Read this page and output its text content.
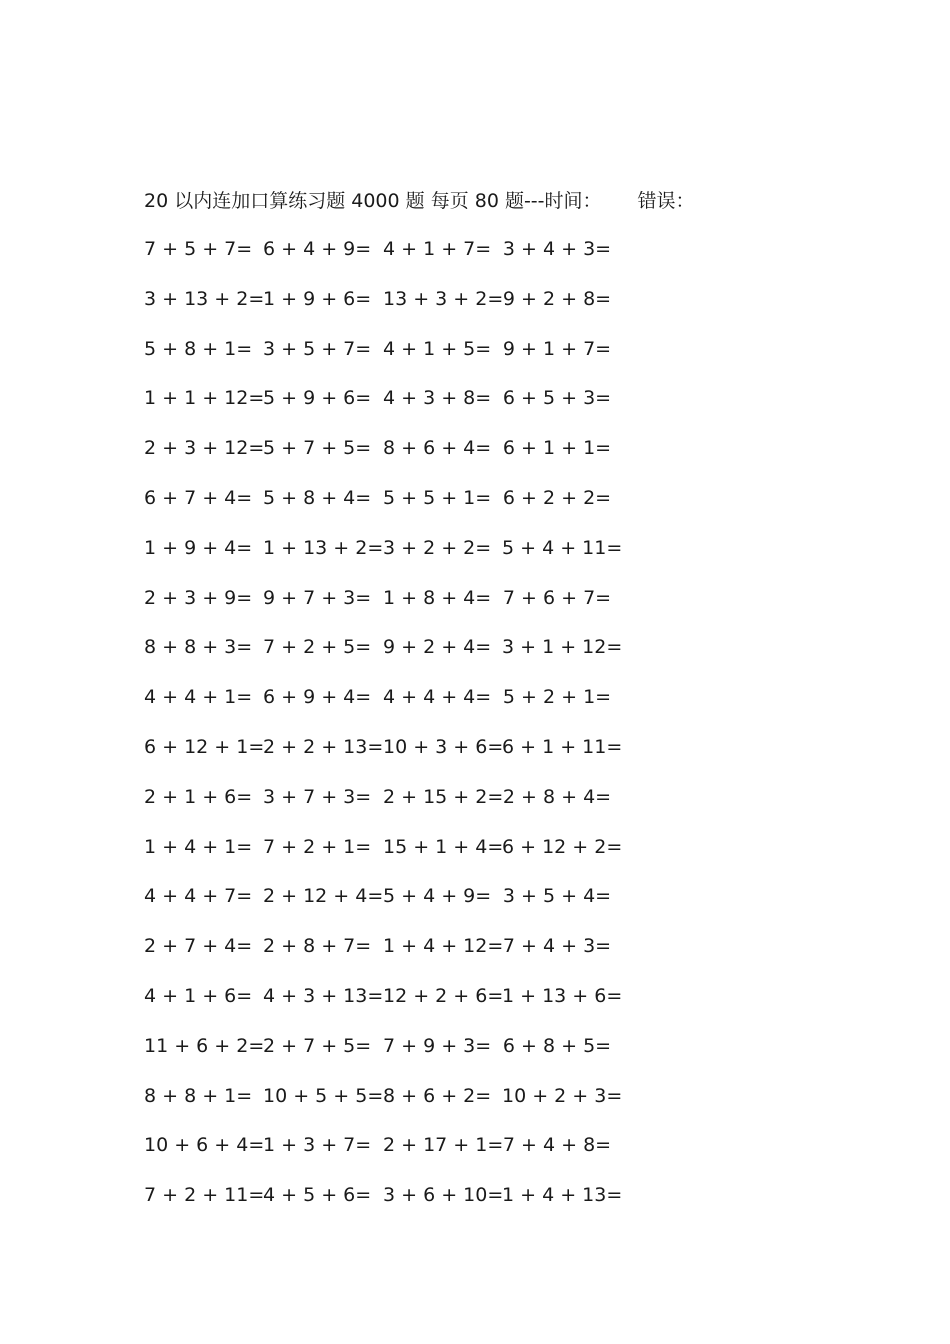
20 以内连加口算练习题 4000 题 每页 80 题---时间： 错误：
7 + 5 + 7= 6 + 4 + 9= 4 + 1 + 7= 3 + 4 + 3=
3 + 13 + 2=
1 + 9 + 6= 13 + 3 + 2= 9 + 2 + 8=
5 + 8 + 1= 3 + 5 + 7= 4 + 1 + 5= 9 + 1 + 7=
1 + 1 + 12=
5 + 9 + 6= 4 + 3 + 8= 6 + 5 + 3=
2 + 3 + 12=
5 + 7 + 5= 8 + 6 + 4= 6 + 1 + 1=
6 + 7 + 4= 5 + 8 + 4= 5 + 5 + 1= 6 + 2 + 2=
1 + 9 + 4= 1 + 13 + 2= 3 + 2 + 2= 5 + 4 + 11=
2 + 3 + 9= 9 + 7 + 3= 1 + 8 + 4= 7 + 6 + 7=
8 + 8 + 3= 7 + 2 + 5= 9 + 2 + 4= 3 + 1 + 12=
4 + 4 + 1= 6 + 9 + 4= 4 + 4 + 4= 5 + 2 + 1=
6 + 12 + 1=
2 + 2 + 13= 10 + 3 + 6=
6 + 1 + 11=
2 + 1 + 6= 3 + 7 + 3= 2 + 15 + 2= 2 + 8 + 4=
1 + 4 + 1= 7 + 2 + 1= 15 + 1 + 4=
6 + 12 + 2=
4 + 4 + 7= 2 + 12 + 4= 5 + 4 + 9= 3 + 5 + 4=
2 + 7 + 4= 2 + 8 + 7= 1 + 4 + 12= 7 + 4 + 3=
4 + 1 + 6= 4 + 3 + 13= 12 + 2 + 6=
1 + 13 + 6=
11 + 6 + 2=
2 + 7 + 5= 7 + 9 + 3= 6 + 8 + 5=
8 + 8 + 1= 10 + 5 + 5= 8 + 6 + 2= 10 + 2 + 3=
10 + 6 + 4=
1 + 3 + 7= 2 + 17 + 1= 7 + 4 + 8=
7 + 2 + 11=
4 + 5 + 6= 3 + 6 + 10=
1 + 4 + 13=
